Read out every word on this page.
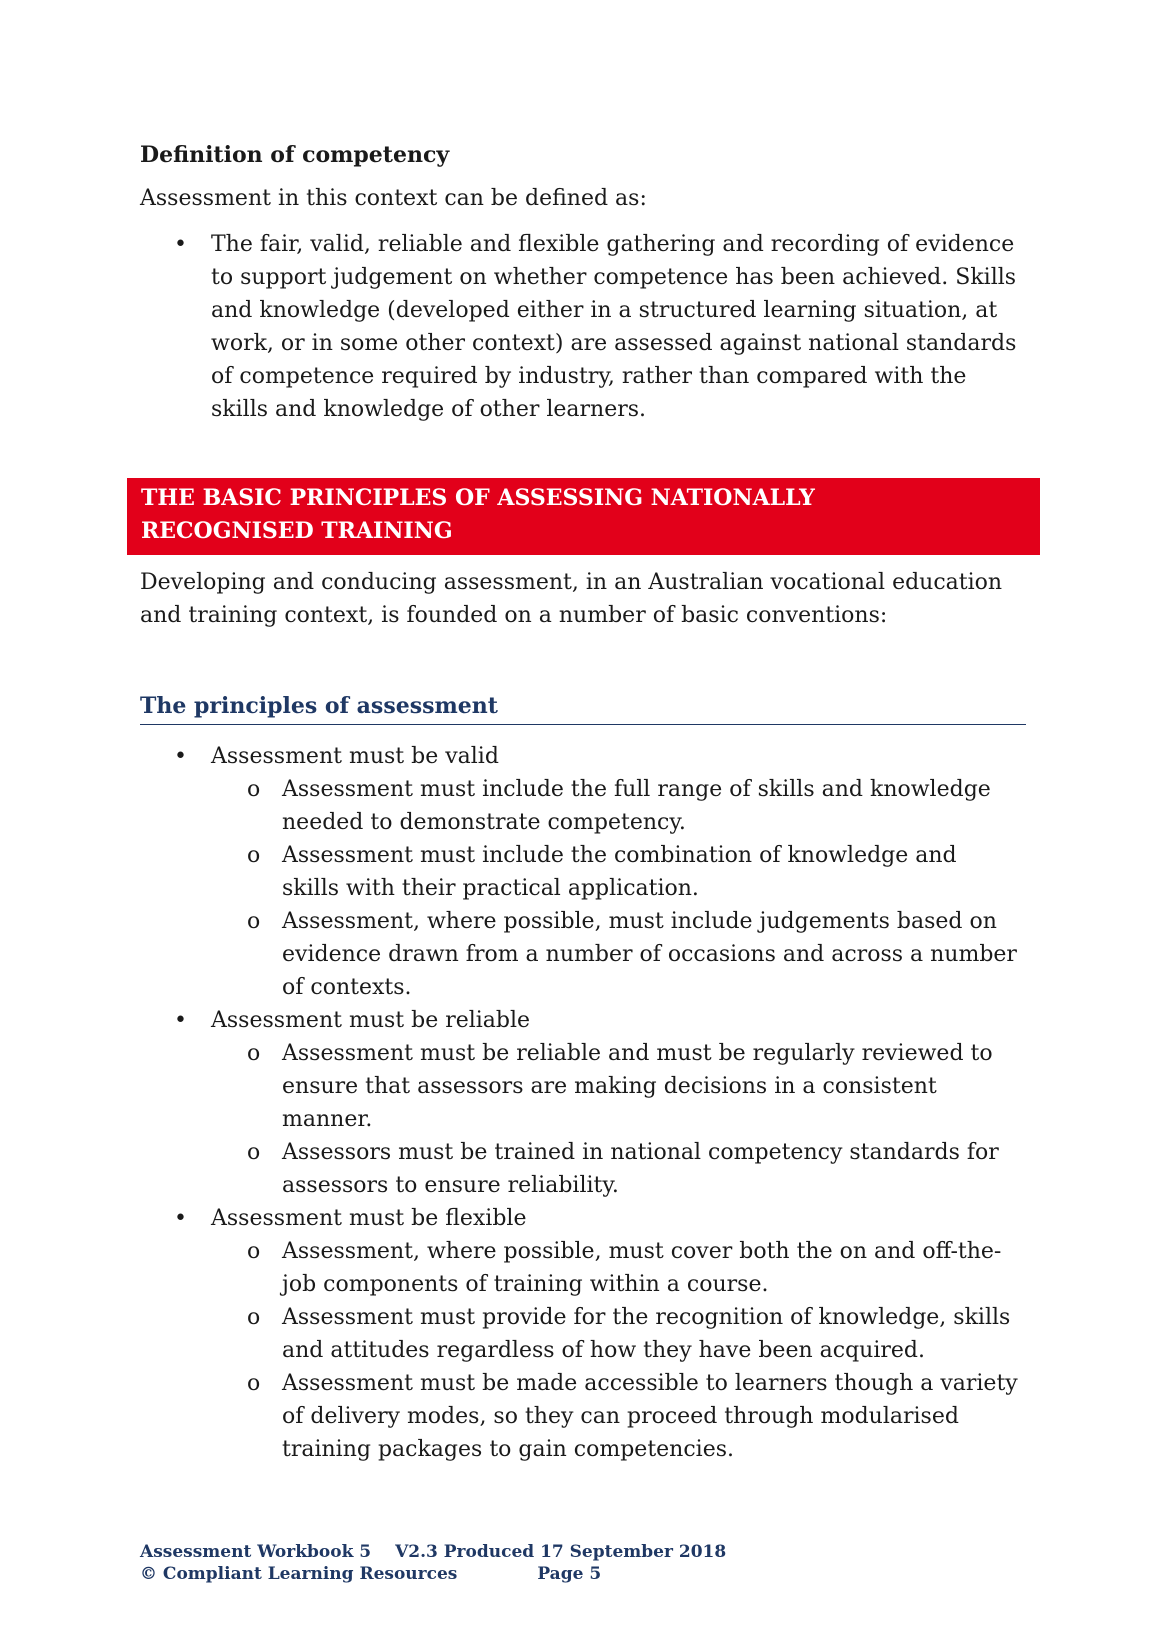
Definition of competency

Assessment in this context can be defined as:

• The fair, valid, reliable and flexible gathering and recording of evidence to support judgement on whether competence has been achieved. Skills and knowledge (developed either in a structured learning situation, at work, or in some other context) are assessed against national standards of competence required by industry, rather than compared with the skills and knowledge of other learners.
THE BASIC PRINCIPLES OF ASSESSING NATIONALLY
RECOGNISED TRAINING

Developing and conducing assessment, in an Australian vocational education and training context, is founded on a number of basic conventions:

The principles of assessment
• Assessment must be valid
o Assessment must include the full range of skills and knowledge needed to demonstrate competency.
o Assessment must include the combination of knowledge and skills with their practical application.
o Assessment, where possible, must include judgements based on evidence drawn from a number of occasions and across a number of contexts.
• Assessment must be reliable
o Assessment must be reliable and must be regularly reviewed to ensure that assessors are making decisions in a consistent manner.
o Assessors must be trained in national competency standards for assessors to ensure reliability.
• Assessment must be flexible
o Assessment, where possible, must cover both the on and off-the-job components of training within a course.
o Assessment must provide for the recognition of knowledge, skills and attitudes regardless of how they have been acquired.
o Assessment must be made accessible to learners though a variety of delivery modes, so they can proceed through modularised training packages to gain competencies.
Assessment Workbook 5 V2.3 Produced 17 September 2018
© Compliant Learning Resources	Page 5
